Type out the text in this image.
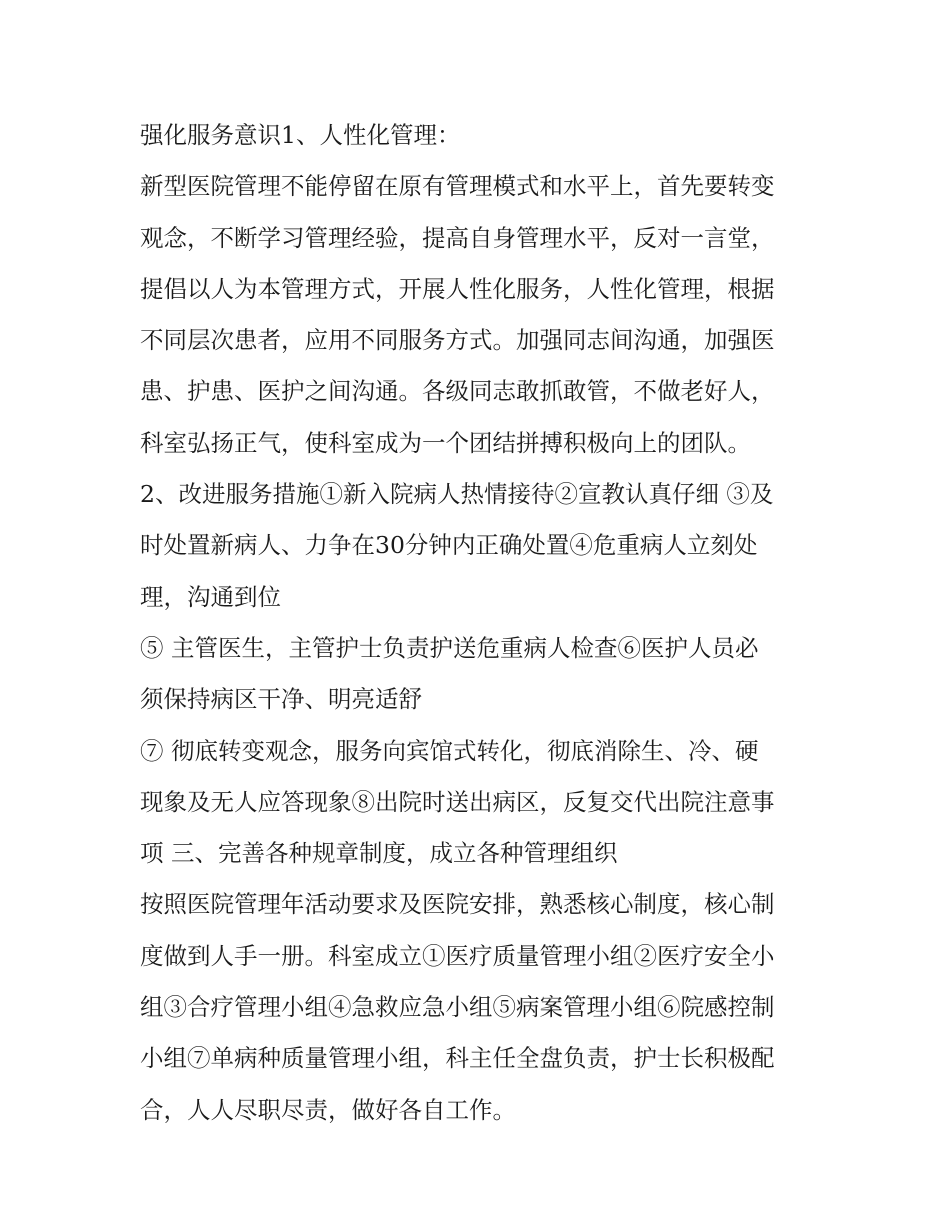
强化服务意识1、人性化管理：
新型医院管理不能停留在原有管理模式和水平上，首先要转变
观念，不断学习管理经验，提高自身管理水平，反对一言堂，
提倡以人为本管理方式，开展人性化服务，人性化管理，根据
不同层次患者，应用不同服务方式。加强同志间沟通，加强医
患、护患、医护之间沟通。各级同志敢抓敢管，不做老好人，
科室弘扬正气，使科室成为一个团结拼搏积极向上的团队。
2、改进服务措施①新入院病人热情接待②宣教认真仔细 ③及
时处置新病人、力争在30分钟内正确处置④危重病人立刻处
理，沟通到位
⑤ 主管医生，主管护士负责护送危重病人检查⑥医护人员必
须保持病区干净、明亮适舒
⑦ 彻底转变观念，服务向宾馆式转化，彻底消除生、冷、硬
现象及无人应答现象⑧出院时送出病区，反复交代出院注意事
项 三、完善各种规章制度，成立各种管理组织
按照医院管理年活动要求及医院安排，熟悉核心制度，核心制
度做到人手一册。科室成立①医疗质量管理小组②医疗安全小
组③合疗管理小组④急救应急小组⑤病案管理小组⑥院感控制
小组⑦单病种质量管理小组，科主任全盘负责，护士长积极配
合，人人尽职尽责，做好各自工作。
